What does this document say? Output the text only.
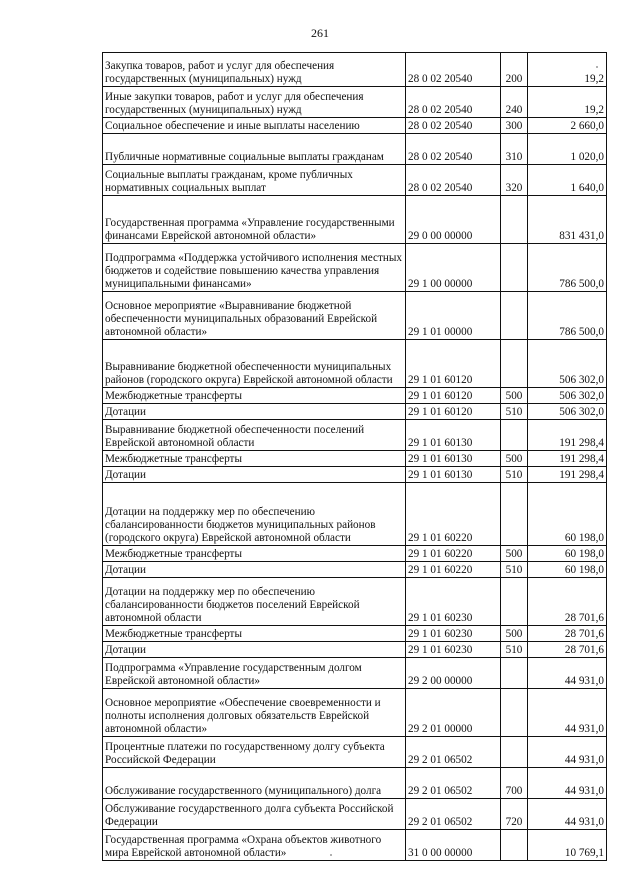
261
Закупка товаров, работ и услуг для обеспечения государственных (муниципальных) нужд	28 0 02 20540	200	19,2
Иные закупки товаров, работ и услуг для обеспечения государственных (муниципальных) нужд	28 0 02 20540	240	19,2
Социальное обеспечение и иные выплаты населению	28 0 02 20540	300	2 660,0
Публичные нормативные социальные выплаты гражданам	28 0 02 20540	310	1 020,0
Социальные выплаты гражданам, кроме публичных нормативных социальных выплат	28 0 02 20540	320	1 640,0
Государственная программа «Управление государственными финансами Еврейской автономной области»	29 0 00 00000		831 431,0
Подпрограмма «Поддержка устойчивого исполнения местных бюджетов и содействие повышению качества управления муниципальными финансами»	29 1 00 00000		786 500,0
Основное мероприятие «Выравнивание бюджетной обеспеченности муниципальных образований Еврейской автономной области»	29 1 01 00000		786 500,0
Выравнивание бюджетной обеспеченности муниципальных районов (городского округа) Еврейской автономной области	29 1 01 60120		506 302,0
Межбюджетные трансферты	29 1 01 60120	500	506 302,0
Дотации	29 1 01 60120	510	506 302,0
Выравнивание бюджетной обеспеченности поселений Еврейской автономной области	29 1 01 60130		191 298,4
Межбюджетные трансферты	29 1 01 60130	500	191 298,4
Дотации	29 1 01 60130	510	191 298,4
Дотации на поддержку мер по обеспечению сбалансированности бюджетов муниципальных районов (городского округа) Еврейской автономной области	29 1 01 60220		60 198,0
Межбюджетные трансферты	29 1 01 60220	500	60 198,0
Дотации	29 1 01 60220	510	60 198,0
Дотации на поддержку мер по обеспечению сбалансированности бюджетов поселений Еврейской автономной области	29 1 01 60230		28 701,6
Межбюджетные трансферты	29 1 01 60230	500	28 701,6
Дотации	29 1 01 60230	510	28 701,6
Подпрограмма «Управление государственным долгом Еврейской автономной области»	29 2 00 00000		44 931,0
Основное мероприятие «Обеспечение своевременности и полноты исполнения долговых обязательств Еврейской автономной области»	29 2 01 00000		44 931,0
Процентные платежи по государственному долгу субъекта Российской Федерации	29 2 01 06502		44 931,0
Обслуживание государственного (муниципального) долга	29 2 01 06502	700	44 931,0
Обслуживание государственного долга субъекта Российской Федерации	29 2 01 06502	720	44 931,0
Государственная программа «Охрана объектов животного мира Еврейской автономной области»	31 0 00 00000		10 769,1
